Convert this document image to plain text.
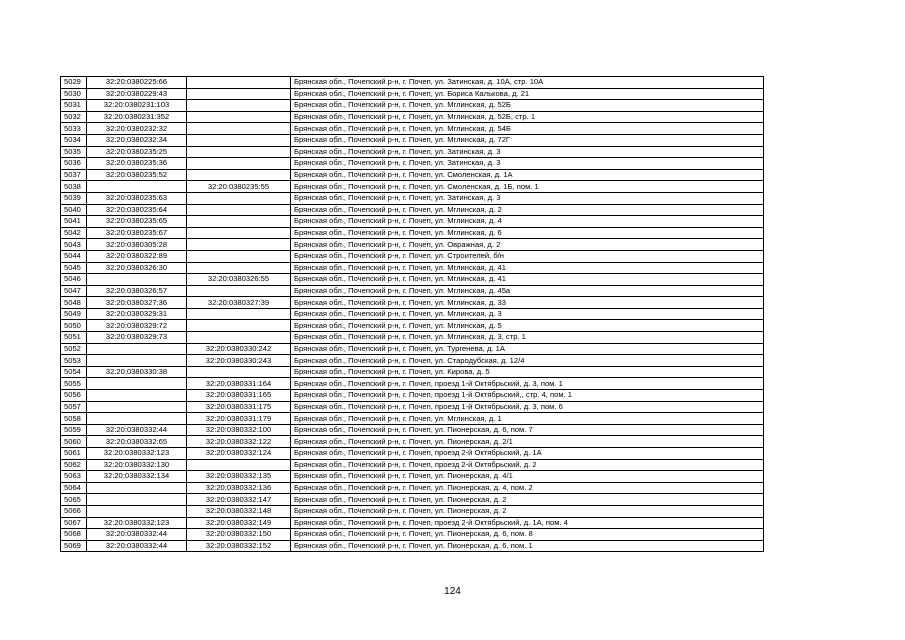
5029	32:20:0380225:66		Брянская обл., Почепский р-н, г. Почеп, ул. Затинская, д. 10А, стр. 10А
5030	32:20:0380229:43		Брянская обл., Почепский р-н, г. Почеп, ул. Бориса Калькова, д. 21
5031	32:20:0380231:103		Брянская обл., Почепский р-н, г. Почеп, ул. Мглинская, д. 52Б
5032	32:20:0380231:352		Брянская обл., Почепский р-н, г. Почеп, ул. Мглинская, д. 52Б, стр. 1
5033	32:20:0380232:32		Брянская обл., Почепский р-н, г. Почеп, ул. Мглинская, д. 54Б
5034	32:20:0380232:34		Брянская обл., Почепский р-н, г. Почеп, ул. Мглинская, д. 72Г
5035	32:20:0380235:25		Брянская обл., Почепский р-н, г. Почеп, ул. Затинская, д. 3
5036	32:20:0380235:36		Брянская обл., Почепский р-н, г. Почеп, ул. Затинская, д. 3
5037	32:20:0380235:52		Брянская обл., Почепский р-н, г. Почеп, ул. Смоленская, д. 1А
5038		32:20:0380235:55	Брянская обл., Почепский р-н, г. Почеп, ул. Смоленская, д. 1Б, пом. 1
5039	32:20:0380235:63		Брянская обл., Почепский р-н, г. Почеп, ул. Затинская, д. 3
5040	32:20:0380235:64		Брянская обл., Почепский р-н, г. Почеп, ул. Мглинская, д. 2
5041	32:20:0380235:65		Брянская обл., Почепский р-н, г. Почеп, ул. Мглинская, д. 4
5042	32:20:0380235:67		Брянская обл., Почепский р-н, г. Почеп, ул. Мглинская, д. 6
5043	32:20:0380305:28		Брянская обл., Почепский р-н, г. Почеп, ул. Овражная, д. 2
5044	32:20:0380322:89		Брянская обл., Почепский р-н, г. Почеп, ул. Строителей, б/н
5045	32:20:0380326:30		Брянская обл., Почепский р-н, г. Почеп, ул. Мглинская, д. 41
5046		32:20:0380326:55	Брянская обл., Почепский р-н, г. Почеп, ул. Мглинская, д. 41
5047	32:20:0380326:57		Брянская обл., Почепский р-н, г. Почеп, ул. Мглинская, д. 45а
5048	32:20:0380327:36	32:20:0380327:39	Брянская обл., Почепский р-н, г. Почеп, ул. Мглинская, д. 33
5049	32:20:0380329:31		Брянская обл., Почепский р-н, г. Почеп, ул. Мглинская, д. 3
5050	32:20:0380329:72		Брянская обл., Почепский р-н, г. Почеп, ул. Мглинская, д. 5
5051	32:20:0380329:73		Брянская обл., Почепский р-н, г. Почеп, ул. Мглинская, д. 3, стр. 1
5052		32:20:0380330:242	Брянская обл., Почепский р-н, г. Почеп, ул. Тургенева, д. 1А
5053		32:20:0380330:243	Брянская обл., Почепский р-н, г. Почеп, ул. Стародубская, д. 12/4
5054	32:20:0380330:38		Брянская обл., Почепский р-н, г. Почеп, ул. Кирова, д. 5
5055		32:20:0380331:164	Брянская обл., Почепский р-н, г. Почеп, проезд 1-й Октябрьский, д. 3, пом. 1
5056		32:20:0380331:165	Брянская обл., Почепский р-н, г. Почеп, проезд 1-й Октябрьский,, стр. 4, пом. 1
5057		32:20:0380331:175	Брянская обл., Почепский р-н, г. Почеп, проезд 1-й Октябрьский, д. 3, пом. 6
5058		32:20:0380331:179	Брянская обл., Почепский р-н, г. Почеп, ул. Мглинская, д. 1
5059	32:20:0380332:44	32:20:0380332:100	Брянская обл., Почепский р-н, г. Почеп, ул. Пионерская, д. 6, пом. 7
5060	32:20:0380332:65	32:20:0380332:122	Брянская обл., Почепский р-н, г. Почеп, ул. Пионерская, д. 2/1
5061	32:20:0380332:123	32:20:0380332:124	Брянская обл., Почепский р-н, г. Почеп, проезд 2-й Октябрьский, д. 1А
5062	32:20:0380332:130		Брянская обл., Почепский р-н, г. Почеп, проезд 2-й Октябрьский, д. 2
5063	32:20:0380332:134	32:20:0380332:135	Брянская обл., Почепский р-н, г. Почеп, ул. Пионерская, д. 4/1
5064		32:20:0380332:136	Брянская обл., Почепский р-н, г. Почеп, ул. Пионерская, д. 4, пом. 2
5065		32:20:0380332:147	Брянская обл., Почепский р-н, г. Почеп, ул. Пионерская, д. 2
5066		32:20:0380332:148	Брянская обл., Почепский р-н, г. Почеп, ул. Пионерская, д. 2
5067	32:20:0380332:123	32:20:0380332:149	Брянская обл., Почепский р-н, г. Почеп, проезд 2-й Октябрьский, д. 1А, пом. 4
5068	32:20:0380332:44	32:20:0380332:150	Брянская обл., Почепский р-н, г. Почеп, ул. Пионерская, д. 6, пом. 8
5069	32:20:0380332:44	32:20:0380332:152	Брянская обл., Почепский р-н, г. Почеп, ул. Пионерская, д. 6, пом. 1
124
